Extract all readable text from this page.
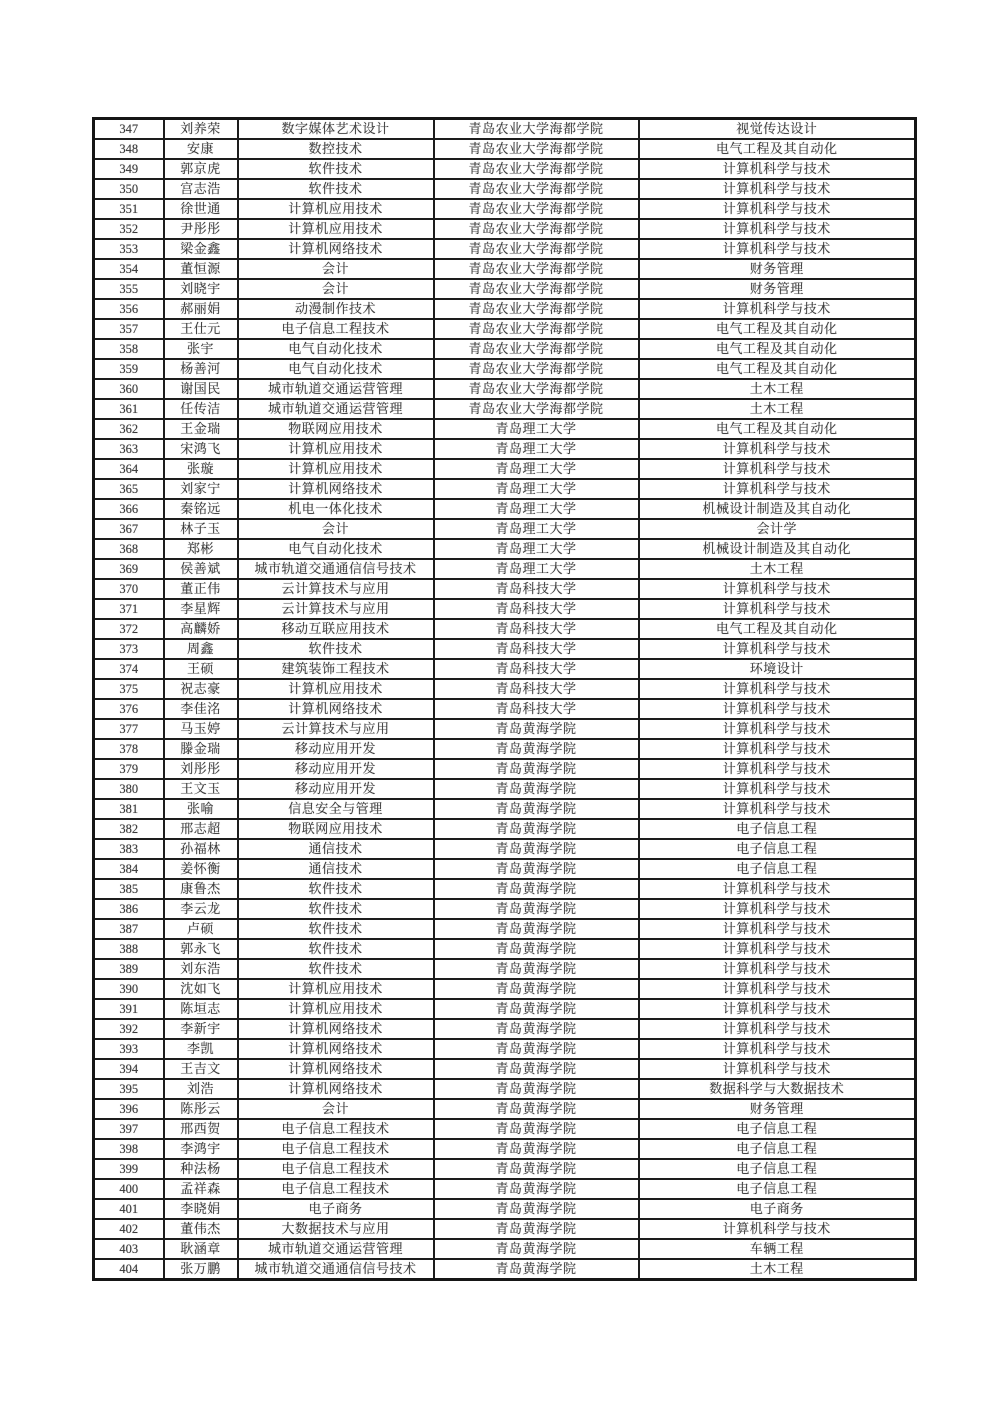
347	刘养荣	数字媒体艺术设计	青岛农业大学海都学院	视觉传达设计
348	安康	数控技术	青岛农业大学海都学院	电气工程及其自动化
349	郭京虎	软件技术	青岛农业大学海都学院	计算机科学与技术
350	宫志浩	软件技术	青岛农业大学海都学院	计算机科学与技术
351	徐世通	计算机应用技术	青岛农业大学海都学院	计算机科学与技术
352	尹彤彤	计算机应用技术	青岛农业大学海都学院	计算机科学与技术
353	梁金鑫	计算机网络技术	青岛农业大学海都学院	计算机科学与技术
354	董恒源	会计	青岛农业大学海都学院	财务管理
355	刘晓宇	会计	青岛农业大学海都学院	财务管理
356	郝丽娟	动漫制作技术	青岛农业大学海都学院	计算机科学与技术
357	王仕元	电子信息工程技术	青岛农业大学海都学院	电气工程及其自动化
358	张宇	电气自动化技术	青岛农业大学海都学院	电气工程及其自动化
359	杨善河	电气自动化技术	青岛农业大学海都学院	电气工程及其自动化
360	谢国民	城市轨道交通运营管理	青岛农业大学海都学院	土木工程
361	任传洁	城市轨道交通运营管理	青岛农业大学海都学院	土木工程
362	王金瑞	物联网应用技术	青岛理工大学	电气工程及其自动化
363	宋鸿飞	计算机应用技术	青岛理工大学	计算机科学与技术
364	张璇	计算机应用技术	青岛理工大学	计算机科学与技术
365	刘家宁	计算机网络技术	青岛理工大学	计算机科学与技术
366	秦铭远	机电一体化技术	青岛理工大学	机械设计制造及其自动化
367	林子玉	会计	青岛理工大学	会计学
368	郑彬	电气自动化技术	青岛理工大学	机械设计制造及其自动化
369	侯善斌	城市轨道交通通信信号技术	青岛理工大学	土木工程
370	董正伟	云计算技术与应用	青岛科技大学	计算机科学与技术
371	李星辉	云计算技术与应用	青岛科技大学	计算机科学与技术
372	高麟娇	移动互联应用技术	青岛科技大学	电气工程及其自动化
373	周鑫	软件技术	青岛科技大学	计算机科学与技术
374	王硕	建筑装饰工程技术	青岛科技大学	环境设计
375	祝志豪	计算机应用技术	青岛科技大学	计算机科学与技术
376	李佳洺	计算机网络技术	青岛科技大学	计算机科学与技术
377	马玉婷	云计算技术与应用	青岛黄海学院	计算机科学与技术
378	滕金瑞	移动应用开发	青岛黄海学院	计算机科学与技术
379	刘彤彤	移动应用开发	青岛黄海学院	计算机科学与技术
380	王文玉	移动应用开发	青岛黄海学院	计算机科学与技术
381	张喻	信息安全与管理	青岛黄海学院	计算机科学与技术
382	邢志超	物联网应用技术	青岛黄海学院	电子信息工程
383	孙福林	通信技术	青岛黄海学院	电子信息工程
384	姜怀衡	通信技术	青岛黄海学院	电子信息工程
385	康鲁杰	软件技术	青岛黄海学院	计算机科学与技术
386	李云龙	软件技术	青岛黄海学院	计算机科学与技术
387	卢硕	软件技术	青岛黄海学院	计算机科学与技术
388	郭永飞	软件技术	青岛黄海学院	计算机科学与技术
389	刘东浩	软件技术	青岛黄海学院	计算机科学与技术
390	沈如飞	计算机应用技术	青岛黄海学院	计算机科学与技术
391	陈垣志	计算机应用技术	青岛黄海学院	计算机科学与技术
392	李新宇	计算机网络技术	青岛黄海学院	计算机科学与技术
393	李凯	计算机网络技术	青岛黄海学院	计算机科学与技术
394	王吉文	计算机网络技术	青岛黄海学院	计算机科学与技术
395	刘浩	计算机网络技术	青岛黄海学院	数据科学与大数据技术
396	陈彤云	会计	青岛黄海学院	财务管理
397	邢西贺	电子信息工程技术	青岛黄海学院	电子信息工程
398	李鸿宇	电子信息工程技术	青岛黄海学院	电子信息工程
399	种法杨	电子信息工程技术	青岛黄海学院	电子信息工程
400	孟祥森	电子信息工程技术	青岛黄海学院	电子信息工程
401	李晓娟	电子商务	青岛黄海学院	电子商务
402	董伟杰	大数据技术与应用	青岛黄海学院	计算机科学与技术
403	耿涵章	城市轨道交通运营管理	青岛黄海学院	车辆工程
404	张万鹏	城市轨道交通通信信号技术	青岛黄海学院	土木工程
